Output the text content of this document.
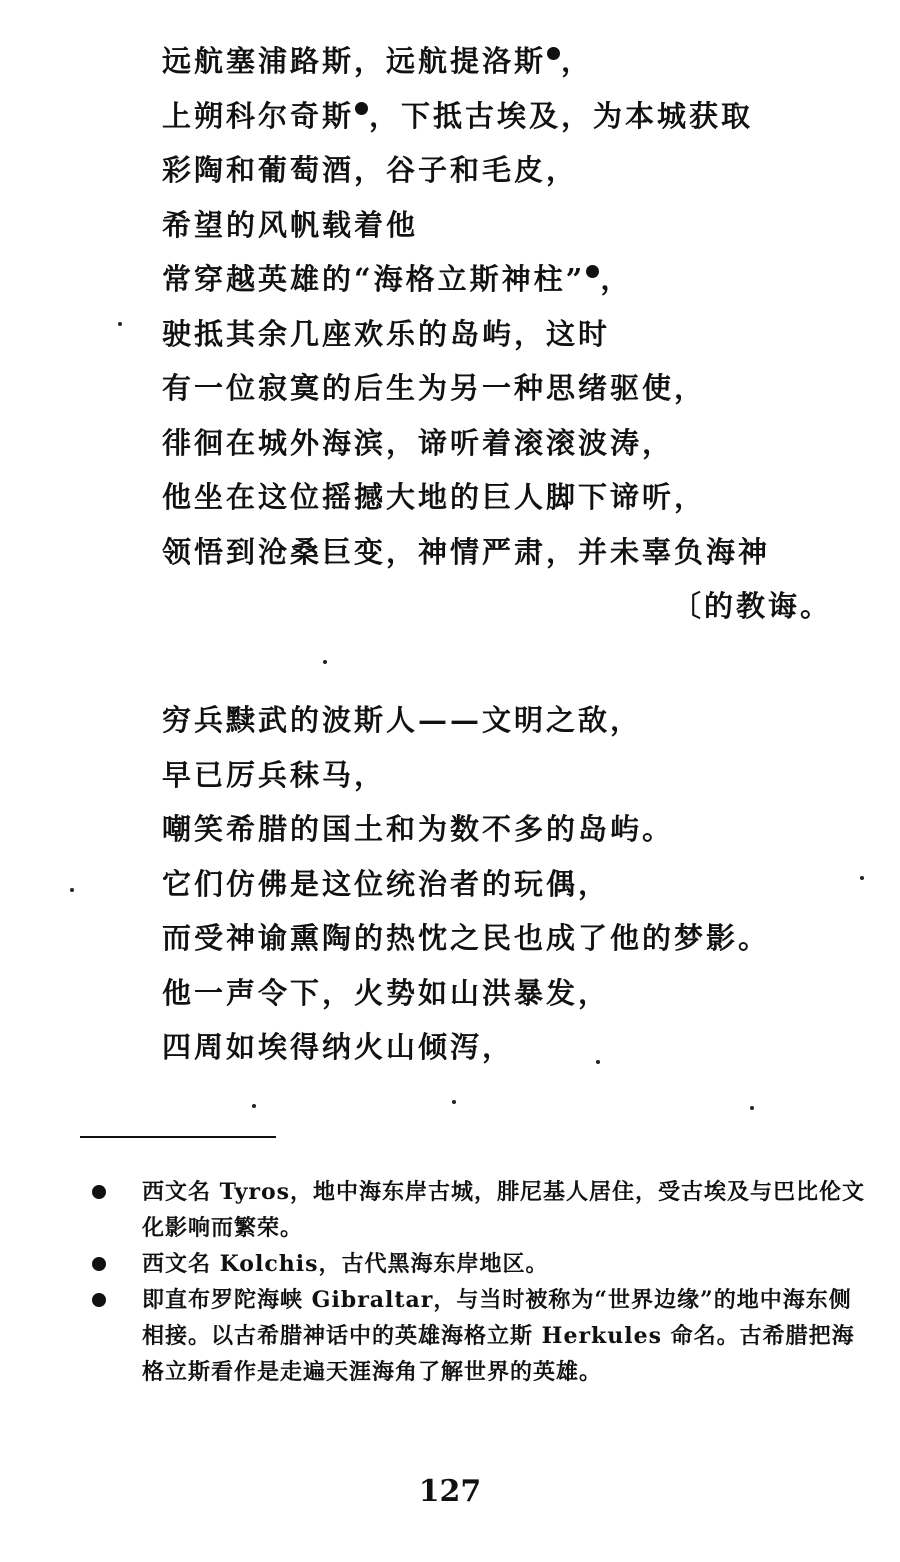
远航塞浦路斯，远航提洛斯 ，
上朔科尔奇斯 ，下抵古埃及，为本城获取
彩陶和葡萄酒，谷子和毛皮，
希望的风帆载着他
常穿越英雄的“海格立斯神柱” ，
驶抵其余几座欢乐的岛屿，这时
有一位寂寞的后生为另一种思绪驱使，
徘徊在城外海滨，谛听着滚滚波涛，
他坐在这位摇撼大地的巨人脚下谛听，
领悟到沧桑巨变，神情严肃，并未辜负海神
〔的教诲。
穷兵黩武的波斯人——文明之敌，
早已厉兵秣马，
嘲笑希腊的国土和为数不多的岛屿。
它们仿佛是这位统治者的玩偶，
而受神谕熏陶的热忱之民也成了他的梦影。
他一声令下，火势如山洪暴发，
四周如埃得纳火山倾泻，
西文名 Tyros，地中海东岸古城，腓尼基人居住，受古埃及与巴比伦文化影响而繁荣。
西文名 Kolchis，古代黑海东岸地区。
即直布罗陀海峡 Gibraltar，与当时被称为“世界边缘”的地中海东侧相接。以古希腊神话中的英雄海格立斯 Herkules 命名。古希腊把海格立斯看作是走遍天涯海角了解世界的英雄。
127
